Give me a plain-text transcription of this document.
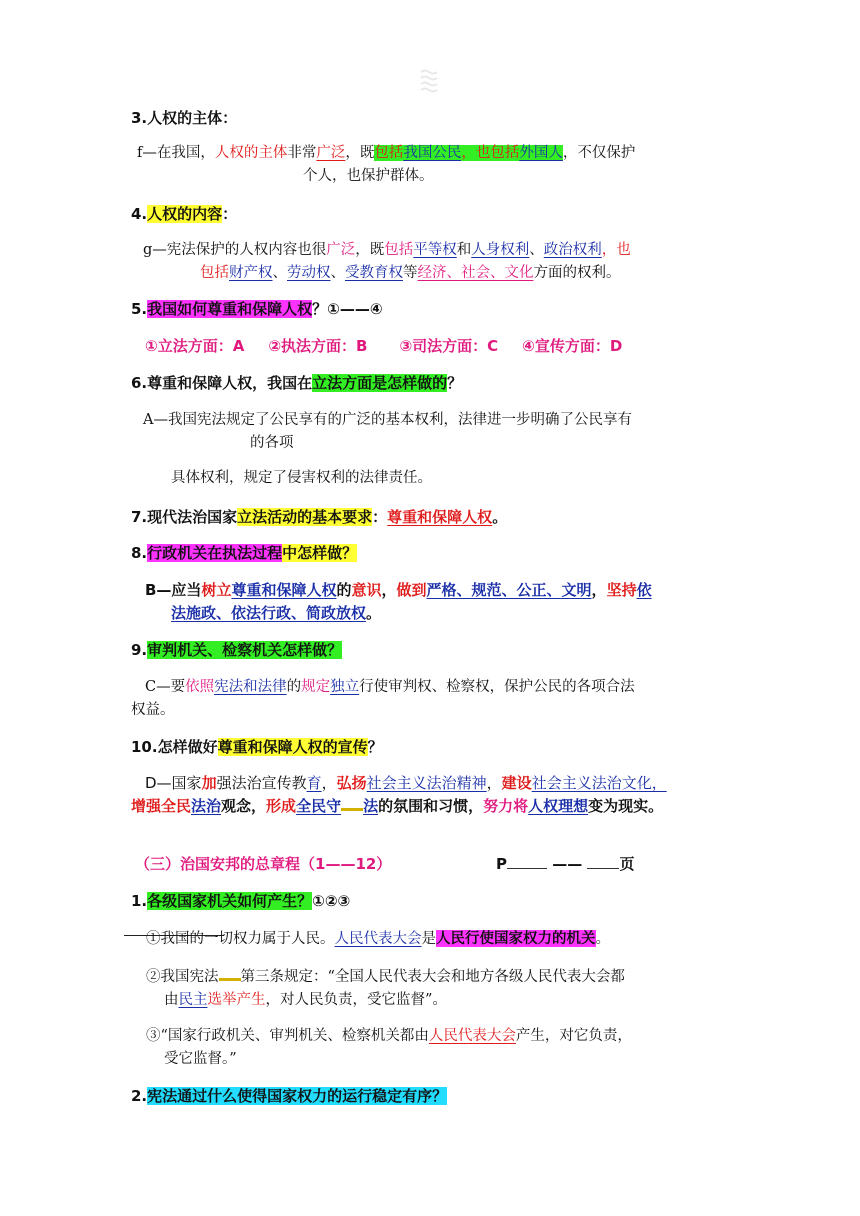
3.人权的主体：
f—在我国，人权的主体非常广泛，既包括我国公民，也包括外国人，不仅保护
个人，也保护群体。
4.人权的内容：
g—宪法保护的人权内容也很广泛，既包括平等权和人身权利、政治权利，也
包括财产权、劳动权、受教育权等经济、社会、文化方面的权利。
5.我国如何尊重和保障人权？①——④
①立法方面：A ②执法方面：B ③司法方面：C ④宣传方面：D
6.尊重和保障人权，我国在立法方面是怎样做的？
A—我国宪法规定了公民享有的广泛的基本权利，法律进一步明确了公民享有
的各项
具体权利，规定了侵害权利的法律责任。
7.现代法治国家立法活动的基本要求：尊重和保障人权。
8.行政机关在执法过程中怎样做？
B—应当树立尊重和保障人权的意识，做到严格、规范、公正、文明，坚持依
法施政、依法行政、简政放权。
9.审判机关、检察机关怎样做？
C—要依照宪法和法律的规定独立行使审判权、检察权，保护公民的各项合法
权益。
10.怎样做好尊重和保障人权的宣传？
D—国家加强法治宣传教育，弘扬社会主义法治精神，建设社会主义法治文化，
增强全民法治观念，形成全民守 法的氛围和习惯，努力将人权理想变为现实。
（三）治国安邦的总章程（1——12）	P	—— 页
1.各级国家机关如何产生？①②③
①我国的一切权力属于人民。人民代表大会是人民行使国家权力的机关。
②我国宪法 第三条规定：“全国人民代表大会和地方各级人民代表大会都
由民主选举产生，对人民负责，受它监督”。
③“国家行政机关、审判机关、检察机关都由人民代表大会产生，对它负责，
受它监督。”
2.宪法通过什么使得国家权力的运行稳定有序？
